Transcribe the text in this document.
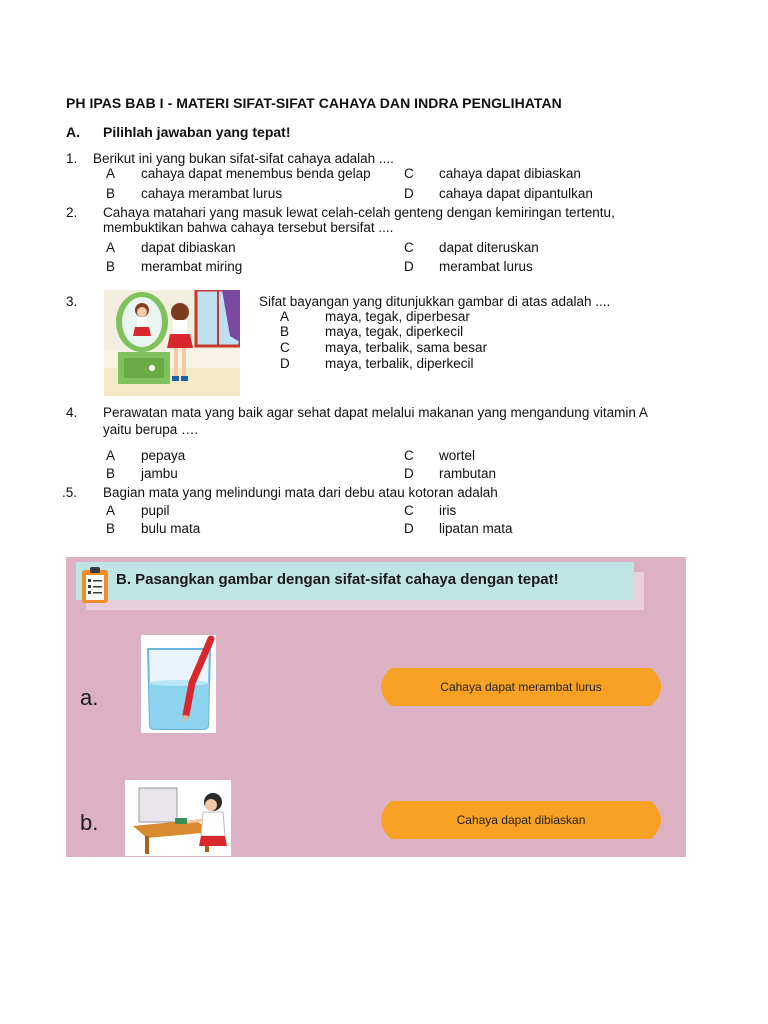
PH IPAS BAB I - MATERI SIFAT-SIFAT CAHAYA DAN INDRA PENGLIHATAN
A. Pilihlah jawaban yang tepat!
1. Berikut ini yang bukan sifat-sifat cahaya adalah ....
A cahaya dapat menembus benda gelap C cahaya dapat dibiaskan
B cahaya merambat lurus	D cahaya dapat dipantulkan
2. Cahaya matahari yang masuk lewat celah-celah genteng dengan kemiringan tertentu,
membuktikan bahwa cahaya tersebut bersifat ....
A dapat dibiaskan	C dapat diteruskan
B merambat miring	D merambat lurus
3.	Sifat bayangan yang ditunjukkan gambar di atas adalah ....
A	maya, tegak, diperbesar
B	maya, tegak, diperkecil
C	maya, terbalik, sama besar
D	maya, terbalik, diperkecil
4. Perawatan mata yang baik agar sehat dapat melalui makanan yang mengandung vitamin A
yaitu berupa ….
A pepaya	C wortel
B jambu	D rambutan
.5. Bagian mata yang melindungi mata dari debu atau kotoran adalah
A pupil	C iris
B bulu mata	D lipatan mata
B. Pasangkan gambar dengan sifat-sifat cahaya dengan tepat!
a.	Cahaya dapat merambat lurus
b.	Cahaya dapat dibiaskan
